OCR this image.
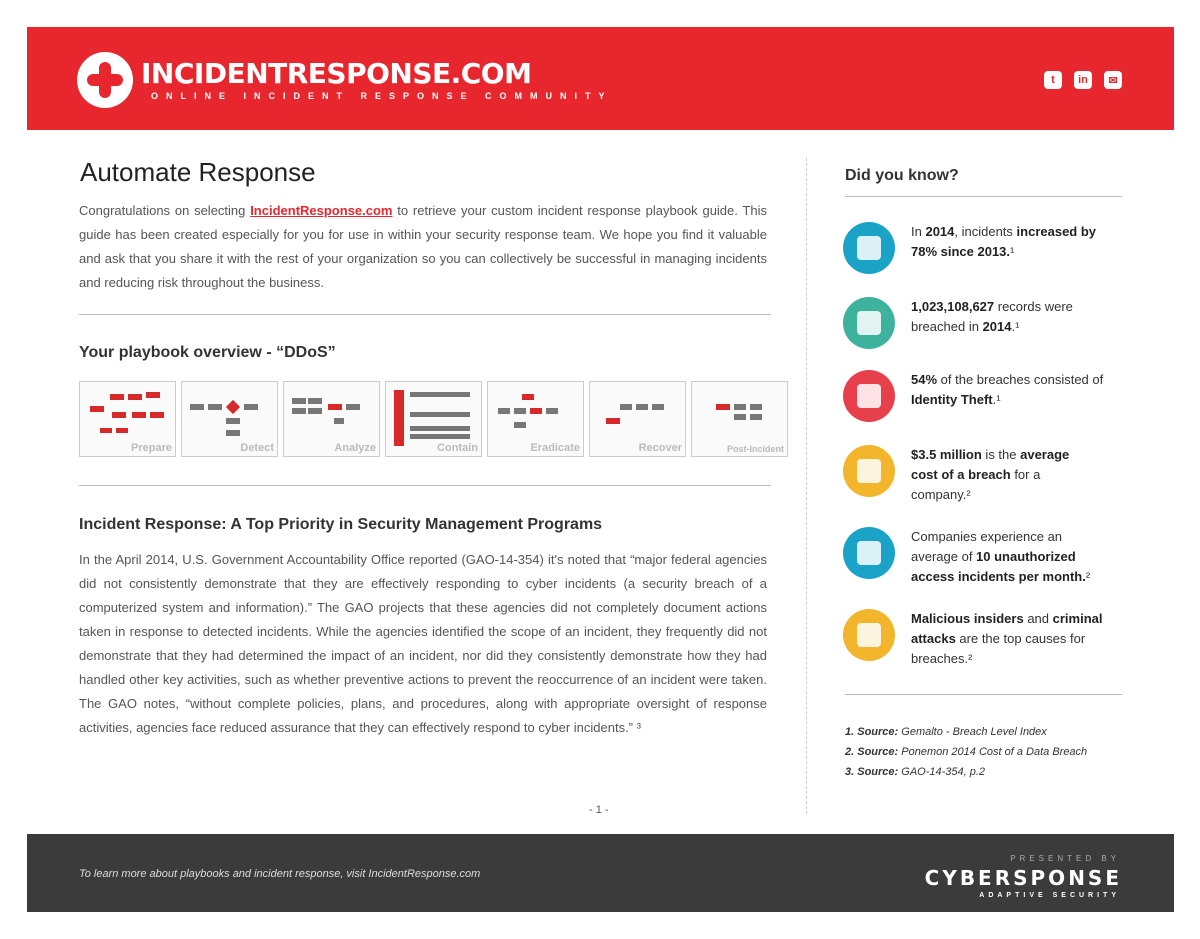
INCIDENTRESPONSE.COM
ONLINE INCIDENT RESPONSE COMMUNITY
t	in	✉
Automate Response
Congratulations on selecting IncidentResponse.com to retrieve your custom incident response playbook guide. This guide has been created especially for you for use in within your security response team. We hope you find it valuable and ask that you share it with the rest of your organization so you can collectively be successful in managing incidents and reducing risk throughout the business.
Your playbook overview - “DDoS”
Prepare	Detect	Analyze	Contain	Eradicate	Recover	Post-Incident
Incident Response: A Top Priority in Security Management Programs
In the April 2014, U.S. Government Accountability Office reported (GAO-14-354) it's noted that “major federal agencies did not consistently demonstrate that they are effectively responding to cyber incidents (a security breach of a computerized system and information).” The GAO projects that these agencies did not completely document actions taken in response to detected incidents. While the agencies identified the scope of an incident, they frequently did not demonstrate that they had determined the impact of an incident, nor did they consistently demonstrate how they had handled other key activities, such as whether preventive actions to prevent the reoccurrence of an incident were taken. The GAO notes, “without complete policies, plans, and procedures, along with appropriate oversight of response activities, agencies face reduced assurance that they can effectively respond to cyber incidents.” ³
- 1 -
Did you know?
In 2014, incidents increased by 78% since 2013.¹
1,023,108,627 records were breached in 2014.¹
54% of the breaches consisted of Identity Theft.¹
$3.5 million is the average cost of a breach for a company.²
Companies experience an average of 10 unauthorized access incidents per month.²
Malicious insiders and criminal attacks are the top causes for breaches.²
1. Source: Gemalto - Breach Level Index
2. Source: Ponemon 2014 Cost of a Data Breach
3. Source: GAO-14-354, p.2
To learn more about playbooks and incident response, visit IncidentResponse.com
PRESENTED BY
CYBERSPONSE
ADAPTIVE SECURITY
